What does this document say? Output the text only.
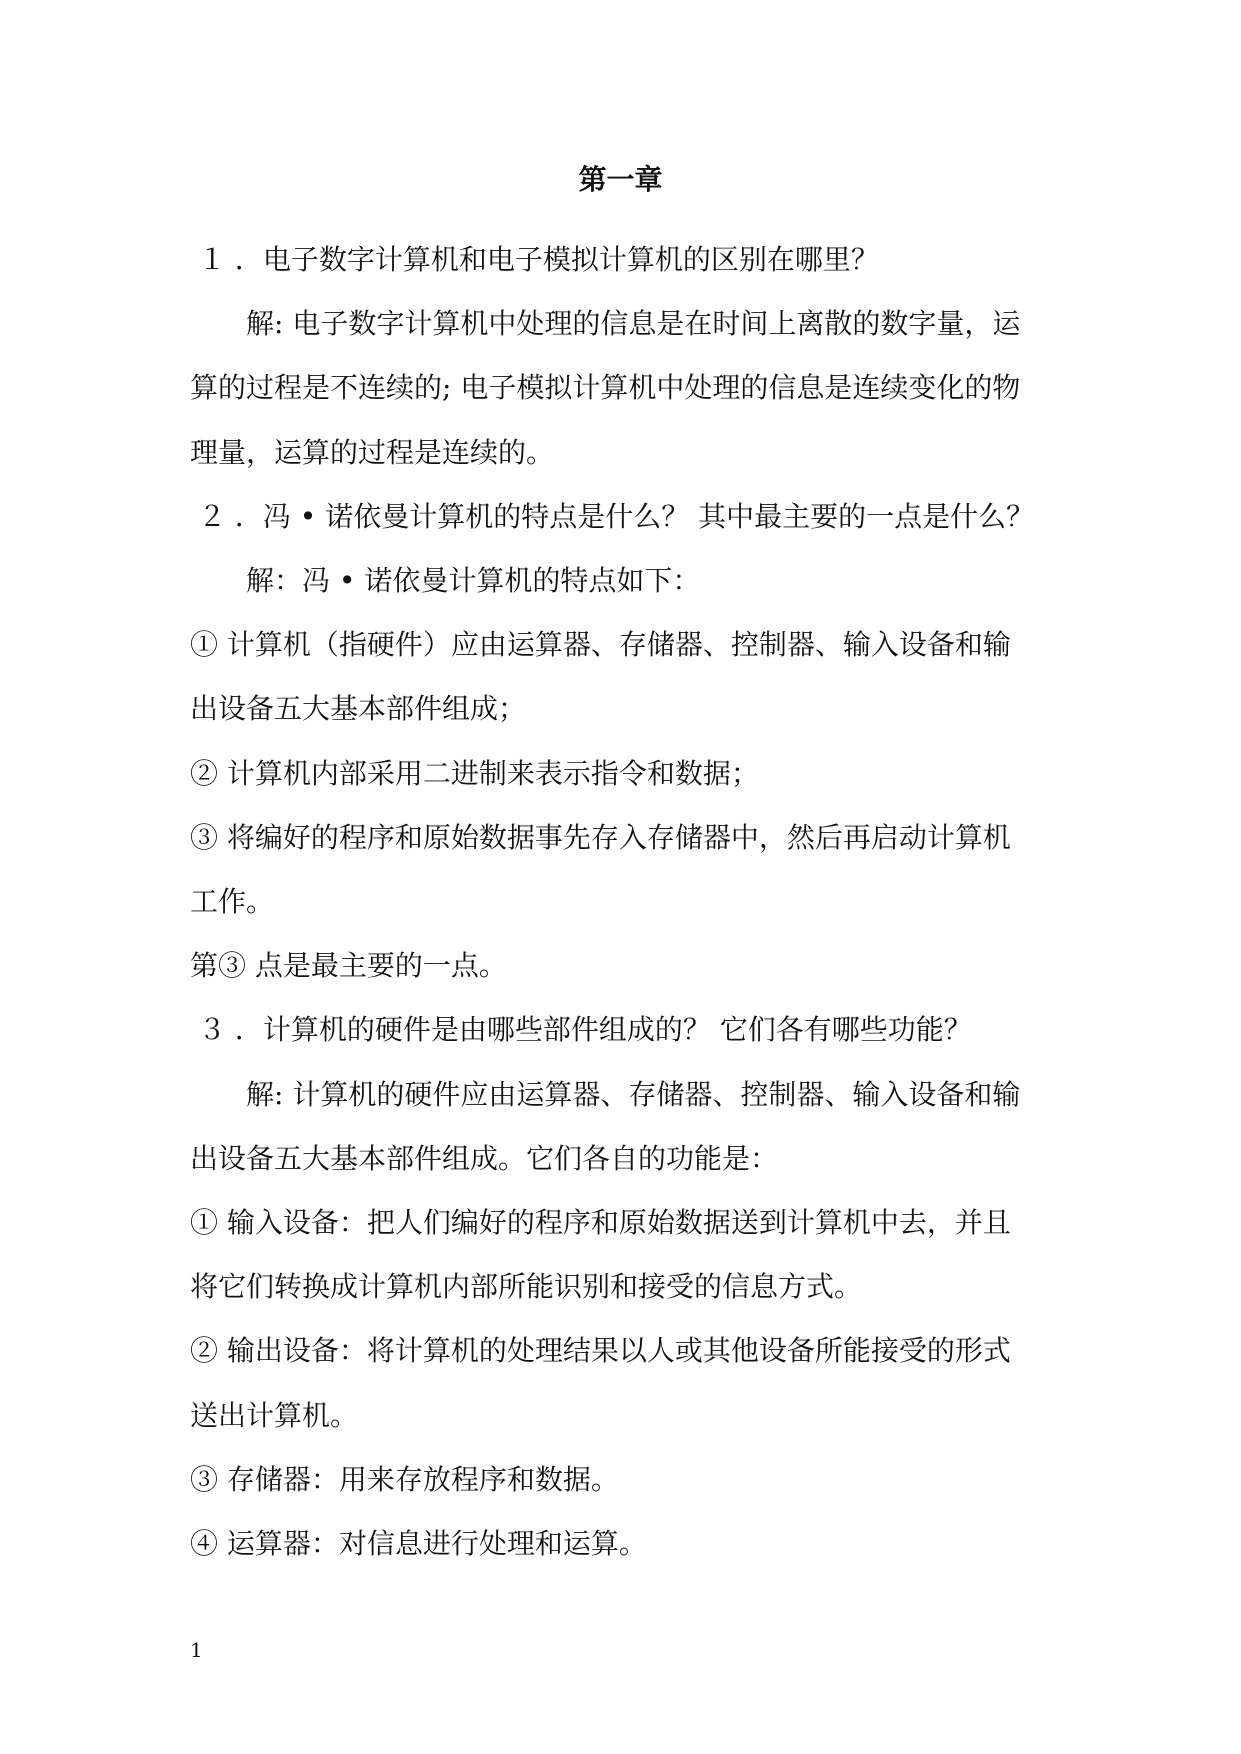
第一章

１ ．电子数字计算机和电子模拟计算机的区别在哪里？

解: 电子数字计算机中处理的信息是在时间上离散的数字量，运

算的过程是不连续的; 电子模拟计算机中处理的信息是连续变化的物

理量，运算的过程是连续的。

２ ．冯 • 诺依曼计算机的特点是什么？ 其中最主要的一点是什么？

解：冯 • 诺依曼计算机的特点如下：

① 计算机（指硬件）应由运算器、存储器、控制器、输入设备和输

出设备五大基本部件组成；

② 计算机内部采用二进制来表示指令和数据；

③ 将编好的程序和原始数据事先存入存储器中，然后再启动计算机

工作。

第③ 点是最主要的一点。

３ ．计算机的硬件是由哪些部件组成的？ 它们各有哪些功能？

解: 计算机的硬件应由运算器、存储器、控制器、输入设备和输

出设备五大基本部件组成。它们各自的功能是：

① 输入设备：把人们编好的程序和原始数据送到计算机中去，并且

将它们转换成计算机内部所能识别和接受的信息方式。

② 输出设备：将计算机的处理结果以人或其他设备所能接受的形式

送出计算机。

③ 存储器：用来存放程序和数据。

④ 运算器：对信息进行处理和运算。

1
